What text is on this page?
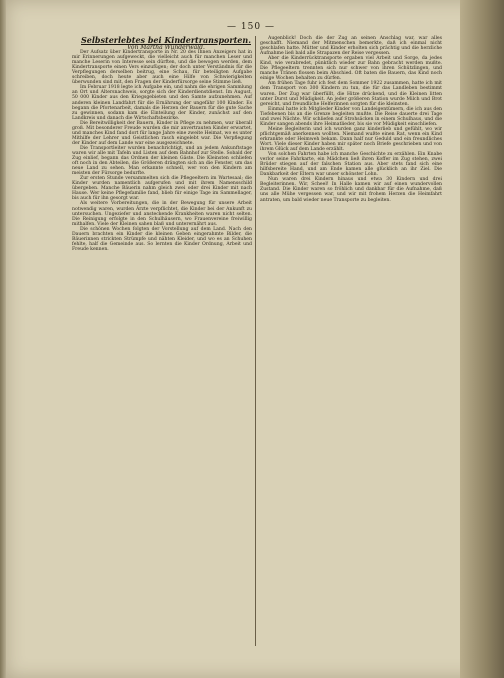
— 150 —

Selbsterlebtes bei Kindertransporten.

Von Martha Wunderwald.

Der Aufsatz über Kindertransporte in Nr. 20 des Ihnen Anzeigers hat in mir Erinnerungen aufgeweckt, die vielleicht auch für manchen Leser und manche Leserin von Interesse sein dürften, und die bewogen werden, dem Kindertransporte einen Vers einzufügen; der doch unter Verständnis für die Verpflegungen derselben beitrug, eine Schau, für beteiligten Aufgabe schreiben, doch heute aber auch eine Hilfe von Schwierigkeiten überwunden sind mit, den Fragen der Kinderfürsorge seine Stimme ließ.

Im Februar 1918 legte ich Aufgabe ein, und nahm die ehrigen Sammlung an Ort und Altersnachweis, sorgte sich der Kinderdienstdienst. Im August, 50 000 Kinder aus den Kriegsgebieten und den Samte aufzunehmen. Auf anderen kleinen Landfahrt für die Ernährung der ungefähr 100 Kinder. Es begann die Pfortenarbeit, damals die Herzen der Bauern für die gute Sache zu gewinnen, sodann kam die Einteilung der Kinder, zunächst auf den Landkreis und danach die Wirtschaftsbezirke.

Die Bereitwilligkeit der Bauern, Kinder in Pflege zu nehmen, war überall groß. Mit besonderer Freude wurden die mir anvertrauten Kinder erwartet, und manches Kind fand dort für lange Jahre eine zweite Heimat, wo es unter Mithilfe der Lehrer und Geistlichen rasch eingelebt war. Die Verpflegung der Kinder auf dem Lande war eine ausgezeichnete.

Die Transportleiter wurden benachrichtigt, und an jedem Ankunftstage waren wir alle mit Tafeln und Listen auf dem Bahnhof zur Stelle. Sobald der Zug einlief, begann das Ordnen der kleinen Gäste. Die Kleinsten schliefen oft noch in den Abteilen, die Größeren drängten sich an die Fenster, um das neue Land zu sehen. Man erkannte schnell, wer von den Kindern am meisten der Fürsorge bedurfte.

Zur ersten Stunde versammelten sich die Pflegeeltern im Wartesaal; die Kinder wurden namentlich aufgerufen und mit ihrem Namensschild übergeben. Manche Bäuerin nahm gleich zwei oder drei Kinder mit nach Hause. Wer keine Pflegefamilie fand, blieb für einige Tage im Sammellager, bis auch für ihn gesorgt war.

Als weitere Vorbereitungen, die in der Bewegung für unsere Arbeit notwendig waren, wurden Ärzte verpflichtet, die Kinder bei der Ankunft zu untersuchen. Ungeziefer und ansteckende Krankheiten waren nicht selten. Die Reinigung erfolgte in den Schulhäusern, wo Frauenvereine freiwillig mithalfen. Viele der Kleinen sahen blaß und unterernährt aus.

Die schönen Wochen folgten der Vorstellung auf dem Land. Nach den Dauern brachten ein Kinder die kleinen Geben eingerahmte Bilder, die Bäuerinnen strickten Strümpfe und nähten Kleider, und wo es an Schuhen fehlte, half die Gemeinde aus. So lernten die Kinder Ordnung, Arbeit und Freude kennen.

Augenblick! Doch die der Zug an seinen Anschlag war, war alles geschafft. Niemand der Mitmenschen bemerkte, daß ich einmal nicht geschlafen hatte. Mütter und Kinder erholten sich prächtig und die herzliche Aufnahme ließ bald alle Strapazen der Reise vergessen.

Aber die Kinderrücktransporte ergaben viel Arbeit und Sorge, da jedes Kind, wie verabredet, pünktlich wieder zur Bahn gebracht werden mußte. Die Pflegeeltern trennten sich nur schwer von ihren Schützlingen, und manche Tränen flossen beim Abschied. Oft baten die Bauern, das Kind noch einige Wochen behalten zu dürfen.

Am frühen Tage fuhr ich fest dem Sommer 1922 zusammen, hatte ich mit dem Transport von 300 Kindern zu tun, die für das Landleben bestimmt waren. Der Zug war überfüllt, die Hitze drückend, und die Kleinen litten unter Durst und Müdigkeit. An jeder größeren Station wurde Milch und Brot gereicht, und freundliche Helferinnen sorgten für die kleinsten.

Einmal hatte ich Mitglieder Kinder von Landeigentümern, die ich aus den Tiefebenen bis an die Grenze begleiten mußte. Die Reise dauerte drei Tage und zwei Nächte. Wir schliefen auf Strohsäcken in einem Schulhaus, und die Kinder sangen abends ihre Heimatlieder, bis sie vor Müdigkeit einschliefen.

Meine Begleiterin und ich wurden ganz kinderlieb und gefühlt, wo wir pflichtgemäß anerkennen wollten. Niemand wußte einen Rat, wenn ein Kind erkrankte oder Heimweh bekam. Dann half nur Geduld und ein freundliches Wort. Viele dieser Kinder haben mir später noch Briefe geschrieben und von ihrem Glück auf dem Lande erzählt.

Von solchen Fahrten habe ich manche Geschichte zu erzählen. Ein Knabe verlor seine Fahrkarte, ein Mädchen ließ ihren Koffer im Zug stehen, zwei Brüder stiegen auf der falschen Station aus. Aber stets fand sich eine hilfsbereite Hand, und am Ende kamen alle glücklich an ihr Ziel. Die Dankbarkeit der Eltern war unser schönster Lohn.

Nun waren drei Kindern hinaus und etwa 30 Kindern und drei Begleiterinnen. Wir, Scheel! In Halle kamen wir auf einen wundervollen Zustand. Die Kinder waren so fröhlich und dankbar für die Aufnahme, daß uns alle Mühe vergessen war, und wir mit frohem Herzen die Heimfahrt antraten, um bald wieder neue Transporte zu begleiten.
